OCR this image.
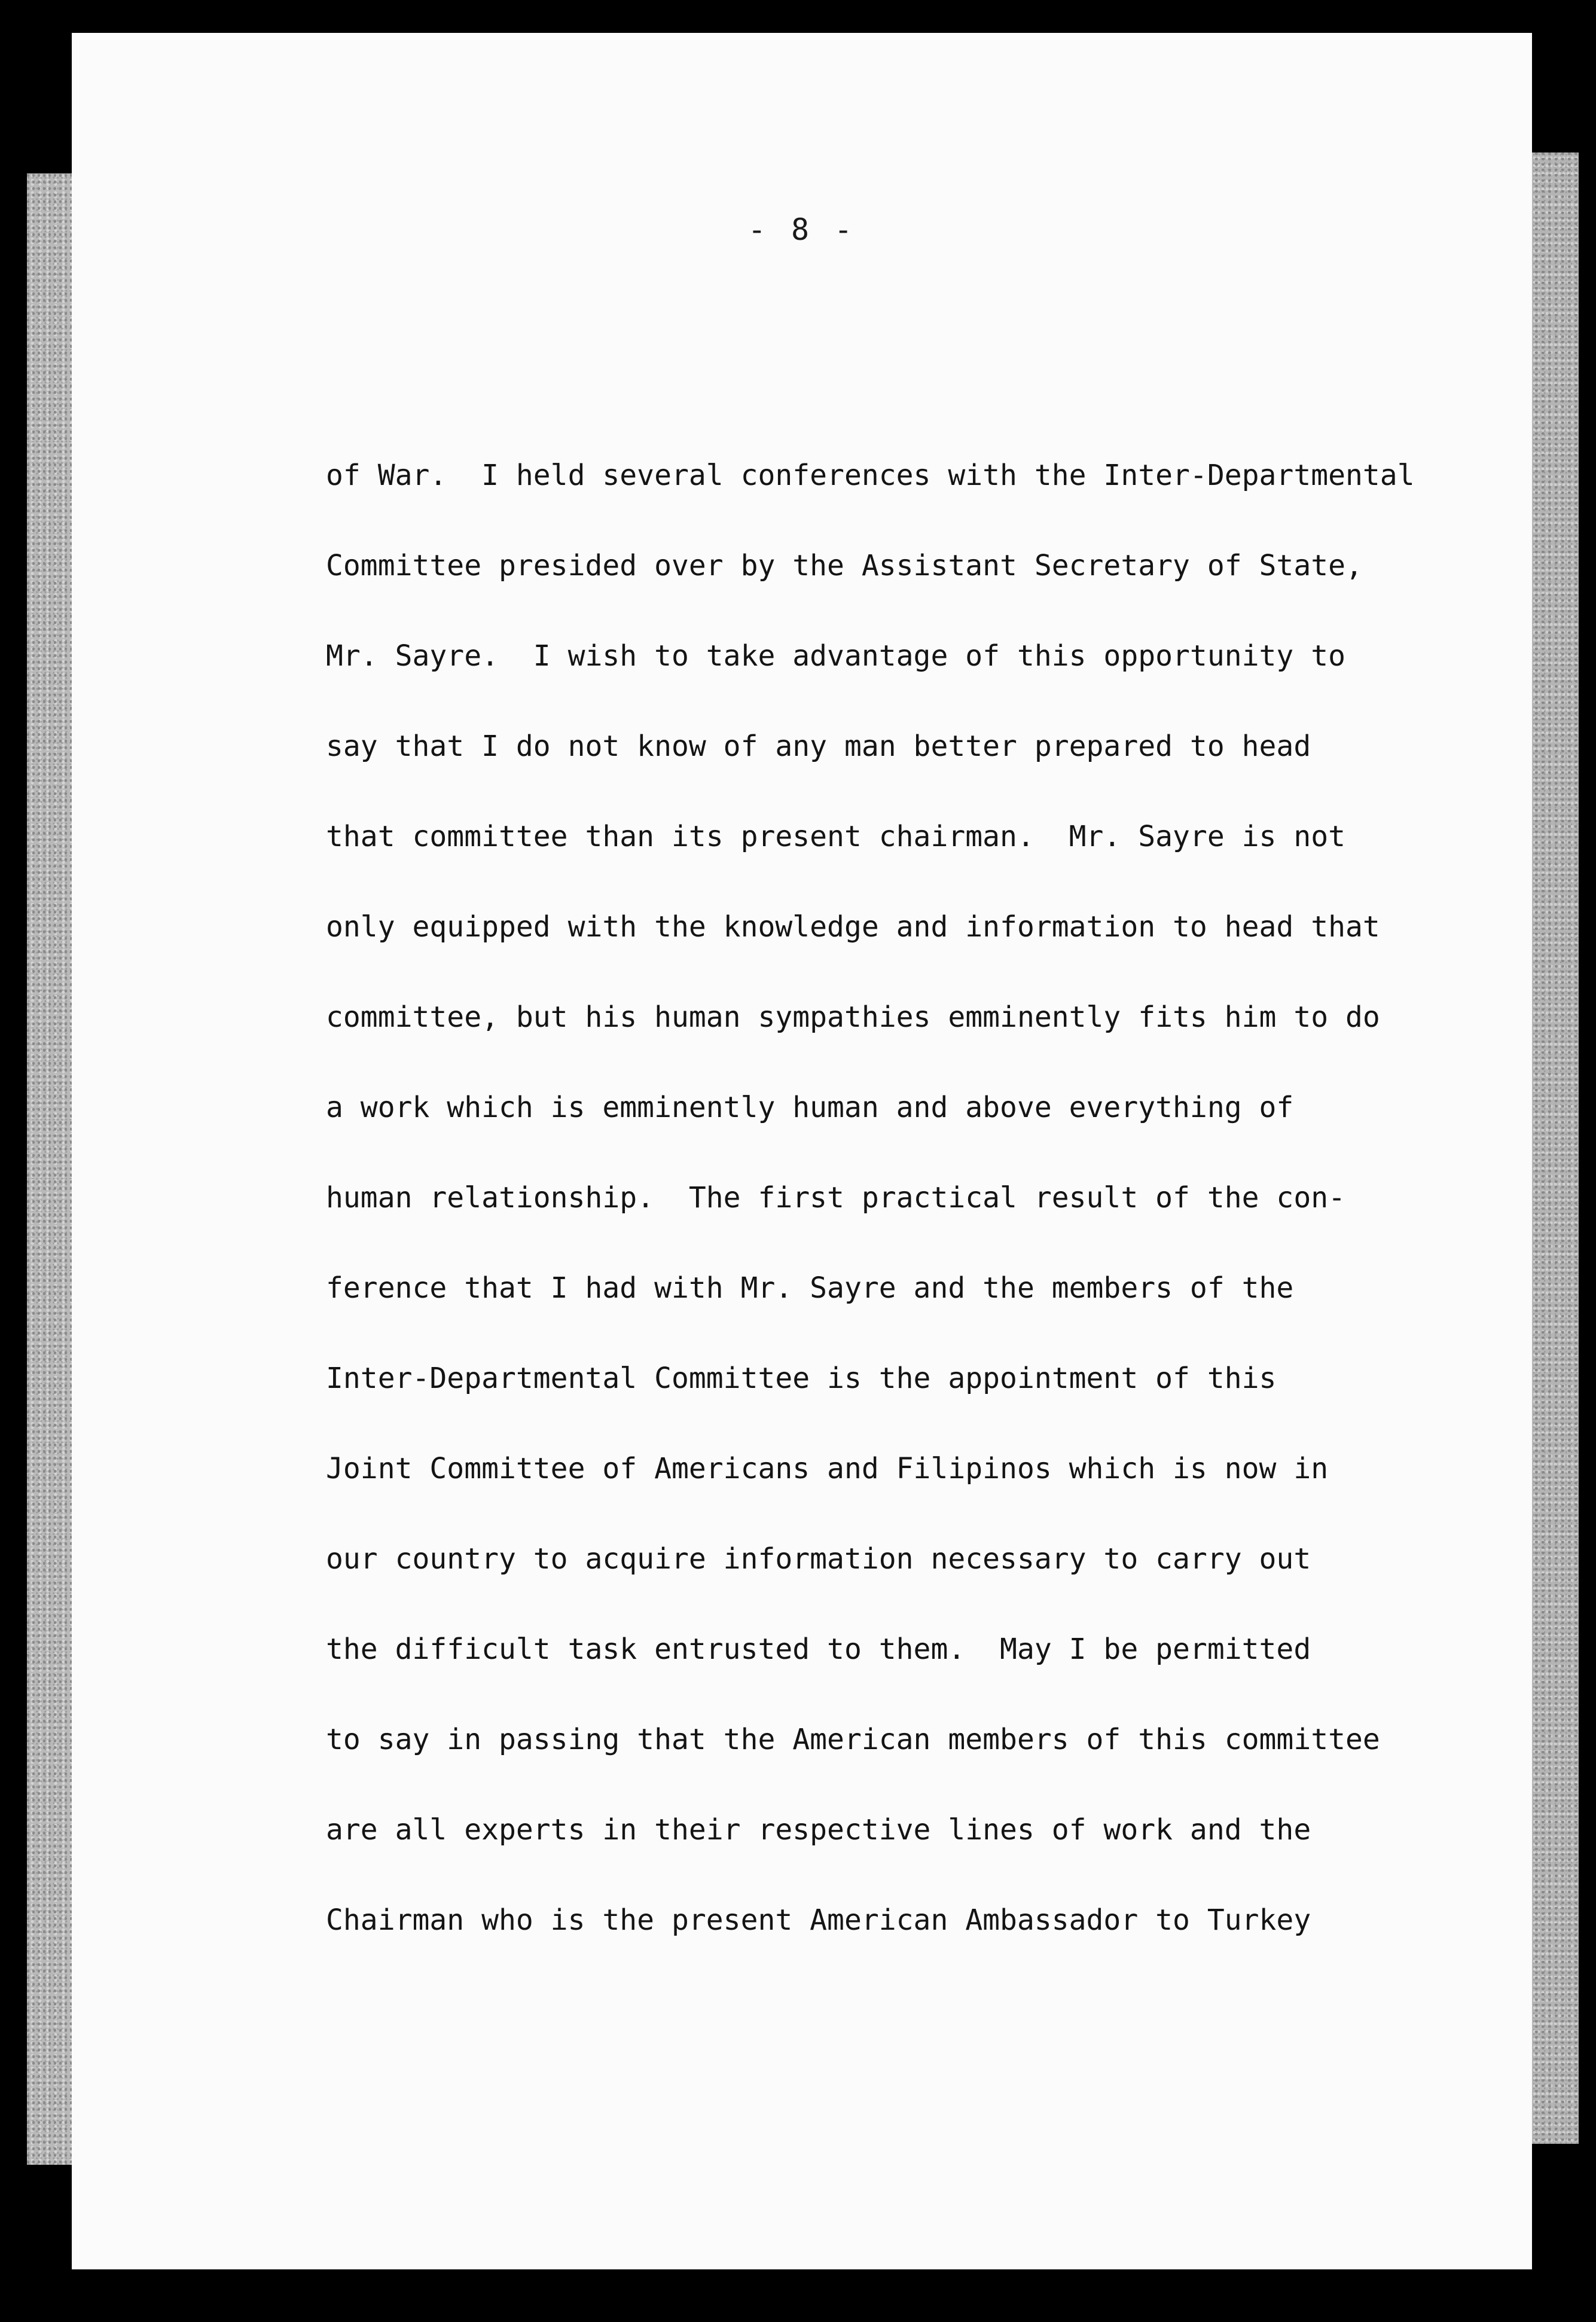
- 8 -
of War.  I held several conferences with the Inter-Departmental
Committee presided over by the Assistant Secretary of State,
Mr. Sayre.  I wish to take advantage of this opportunity to
say that I do not know of any man better prepared to head
that committee than its present chairman.  Mr. Sayre is not
only equipped with the knowledge and information to head that
committee, but his human sympathies emminently fits him to do
a work which is emminently human and above everything of
human relationship.  The first practical result of the con-
ference that I had with Mr. Sayre and the members of the
Inter-Departmental Committee is the appointment of this
Joint Committee of Americans and Filipinos which is now in
our country to acquire information necessary to carry out
the difficult task entrusted to them.  May I be permitted
to say in passing that the American members of this committee
are all experts in their respective lines of work and the
Chairman who is the present American Ambassador to Turkey
